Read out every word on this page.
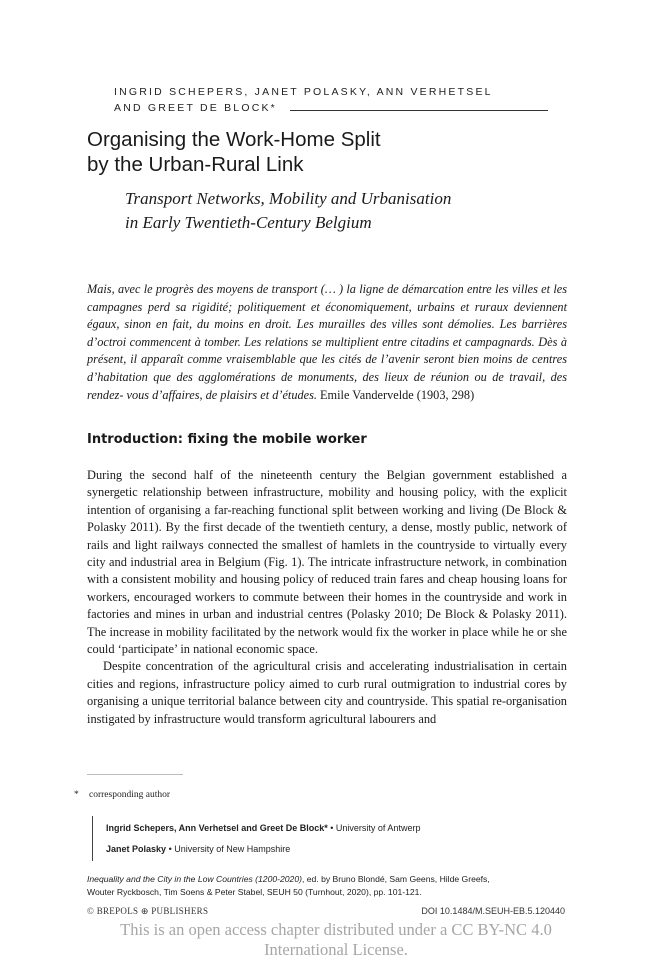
INGRID SCHEPERS, JANET POLASKY, ANN VERHETSEL
AND GREET DE BLOCK*
Organising the Work-Home Split
by the Urban-Rural Link
Transport Networks, Mobility and Urbanisation
in Early Twentieth-Century Belgium
Mais, avec le progrès des moyens de transport (… ) la ligne de démarcation entre les villes et les campagnes perd sa rigidité; politiquement et économiquement, urbains et ruraux deviennent égaux, sinon en fait, du moins en droit. Les murailles des villes sont démolies. Les barrières d’octroi commencent à tomber. Les relations se multiplient entre citadins et campagnards. Dès à présent, il apparaît comme vraisemblable que les cités de l’avenir seront bien moins de centres d’habitation que des agglomérations de monuments, des lieux de réunion ou de travail, des rendez- vous d’affaires, de plaisirs et d’études. Emile Vandervelde (1903, 298)
Introduction: fixing the mobile worker

During the second half of the nineteenth century the Belgian government established a synergetic relationship between infrastructure, mobility and housing policy, with the explicit intention of organising a far-reaching functional split between working and living (De Block & Polasky 2011). By the first decade of the twentieth century, a dense, mostly public, network of rails and light railways connected the smallest of hamlets in the countryside to virtually every city and industrial area in Belgium (Fig. 1). The intricate infrastructure network, in combination with a consistent mobility and housing policy of reduced train fares and cheap housing loans for workers, encouraged workers to commute between their homes in the countryside and work in factories and mines in urban and industrial centres (Polasky 2010; De Block & Polasky 2011). The increase in mobility facilitated by the network would fix the worker in place while he or she could ‘participate’ in national economic space.

Despite concentration of the agricultural crisis and accelerating industrialisation in certain cities and regions, infrastructure policy aimed to curb rural outmigration to industrial cores by organising a unique territorial balance between city and countryside. This spatial re-organisation instigated by infrastructure would transform agricultural labourers and

* corresponding author
Ingrid Schepers, Ann Verhetsel and Greet De Block* • University of Antwerp
Janet Polasky • University of New Hampshire
Inequality and the City in the Low Countries (1200-2020), ed. by Bruno Blondé, Sam Geens, Hilde Greefs,
Wouter Ryckbosch, Tim Soens & Peter Stabel, SEUH 50 (Turnhout, 2020), pp. 101-121.
© BREPOLS ⊕ PUBLISHERS	DOI 10.1484/M.SEUH-EB.5.120440
This is an open access chapter distributed under a CC BY-NC 4.0 International License.
